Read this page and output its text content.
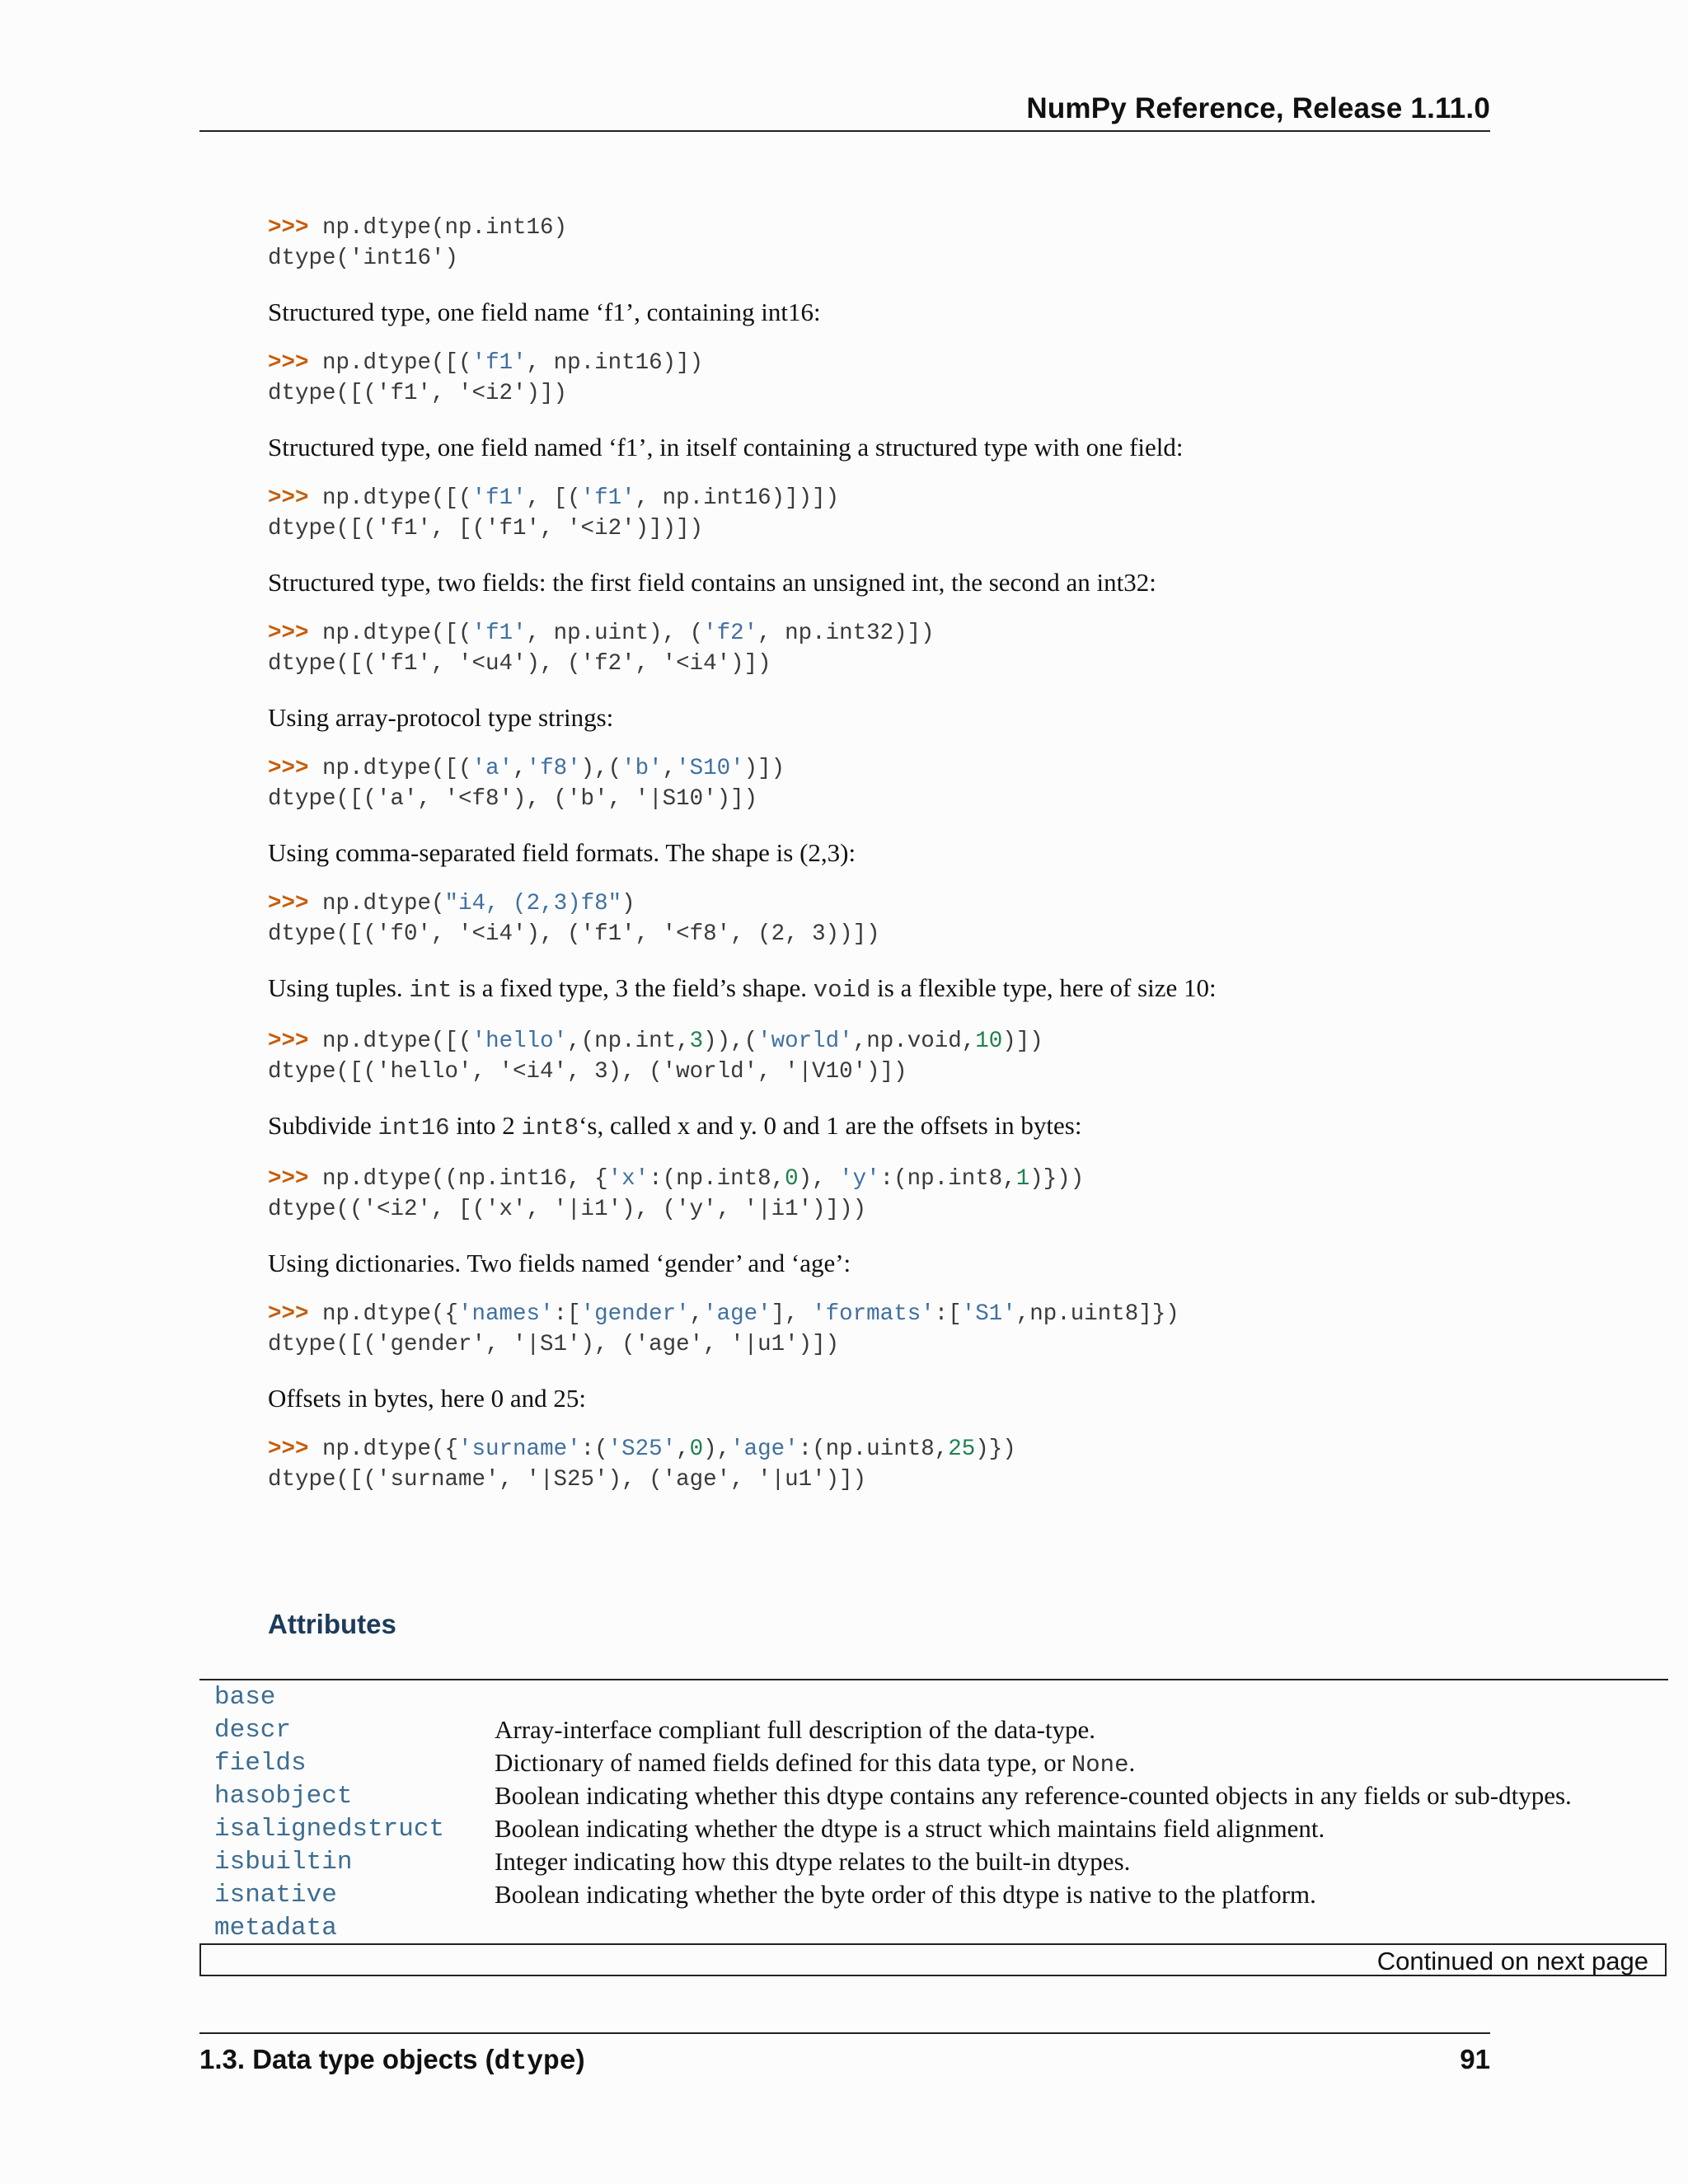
NumPy Reference, Release 1.11.0
>>> np.dtype(np.int16)
dtype('int16')

Structured type, one field name ‘f1’, containing int16:

>>> np.dtype([('f1', np.int16)])
dtype([('f1', '<i2')])

Structured type, one field named ‘f1’, in itself containing a structured type with one field:

>>> np.dtype([('f1', [('f1', np.int16)])])
dtype([('f1', [('f1', '<i2')])])

Structured type, two fields: the first field contains an unsigned int, the second an int32:

>>> np.dtype([('f1', np.uint), ('f2', np.int32)])
dtype([('f1', '<u4'), ('f2', '<i4')])

Using array-protocol type strings:

>>> np.dtype([('a','f8'),('b','S10')])
dtype([('a', '<f8'), ('b', '|S10')])

Using comma-separated field formats. The shape is (2,3):

>>> np.dtype("i4, (2,3)f8")
dtype([('f0', '<i4'), ('f1', '<f8', (2, 3))])

Using tuples. int is a fixed type, 3 the field’s shape. void is a flexible type, here of size 10:

>>> np.dtype([('hello',(np.int,3)),('world',np.void,10)])
dtype([('hello', '<i4', 3), ('world', '|V10')])

Subdivide int16 into 2 int8‘s, called x and y. 0 and 1 are the offsets in bytes:

>>> np.dtype((np.int16, {'x':(np.int8,0), 'y':(np.int8,1)}))
dtype(('<i2', [('x', '|i1'), ('y', '|i1')]))

Using dictionaries. Two fields named ‘gender’ and ‘age’:

>>> np.dtype({'names':['gender','age'], 'formats':['S1',np.uint8]})
dtype([('gender', '|S1'), ('age', '|u1')])

Offsets in bytes, here 0 and 25:

>>> np.dtype({'surname':('S25',0),'age':(np.uint8,25)})
dtype([('surname', '|S25'), ('age', '|u1')])
Attributes
base
descr	Array-interface compliant full description of the data-type.
fields	Dictionary of named fields defined for this data type, or None.
hasobject	Boolean indicating whether this dtype contains any reference-counted objects in any fields or sub-dtypes.
isalignedstruct	Boolean indicating whether the dtype is a struct which maintains field alignment.
isbuiltin	Integer indicating how this dtype relates to the built-in dtypes.
isnative	Boolean indicating whether the byte order of this dtype is native to the platform.
metadata
Continued on next page
1.3. Data type objects (dtype)	91
